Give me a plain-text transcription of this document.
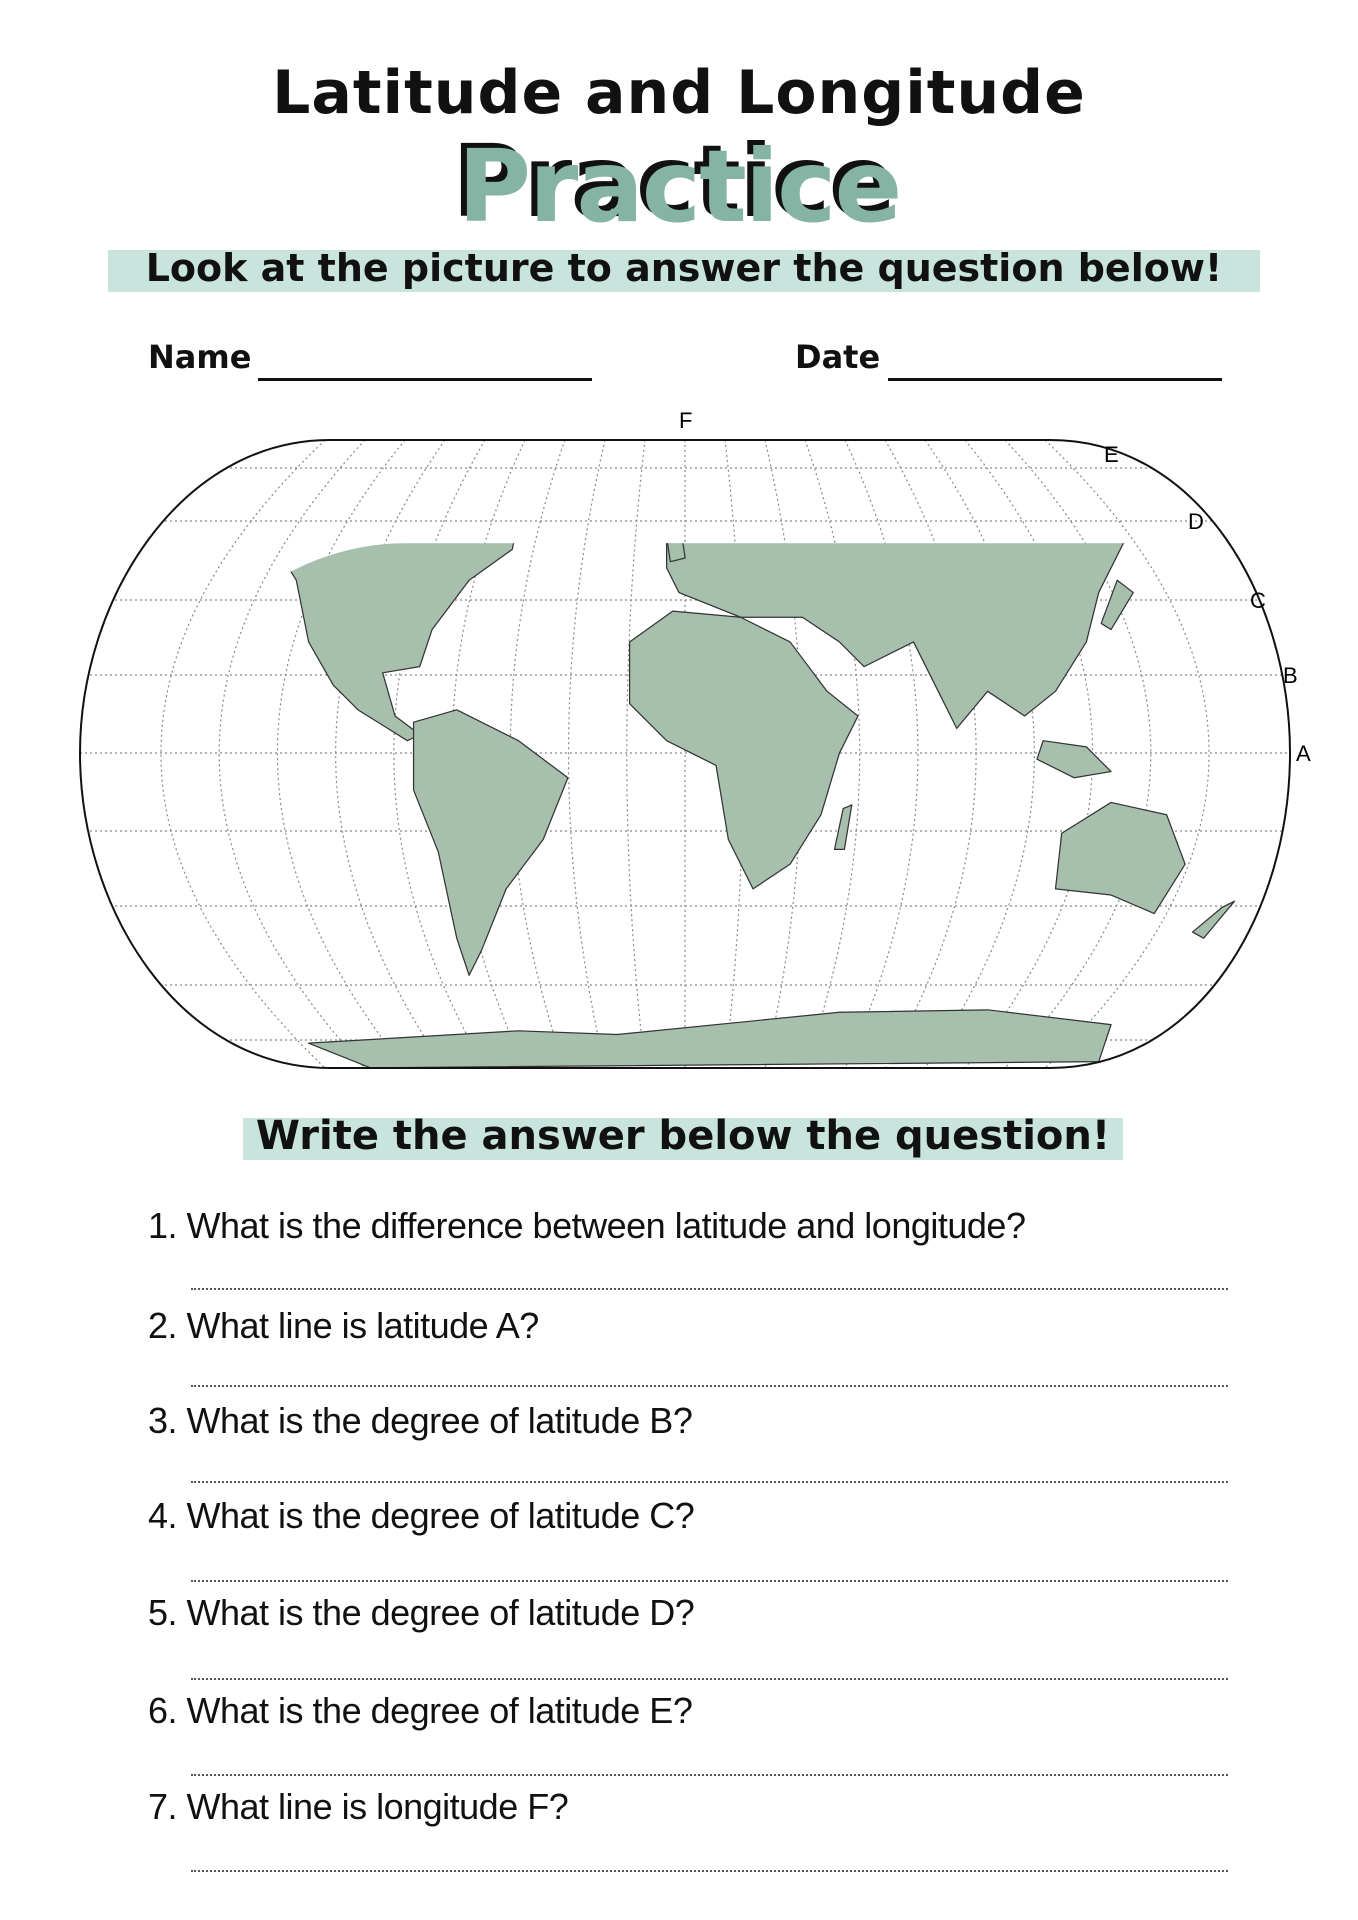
Latitude and Longitude
Practice
Look at the picture to answer the question below!
Name	Date
F
E
D
C
B
A
Write the answer below the question!
1. What is the difference between latitude and longitude?
2. What line is latitude A?
3. What is the degree of latitude B?
4. What is the degree of latitude C?
5. What is the degree of latitude D?
6. What is the degree of latitude E?
7. What line is longitude F?
